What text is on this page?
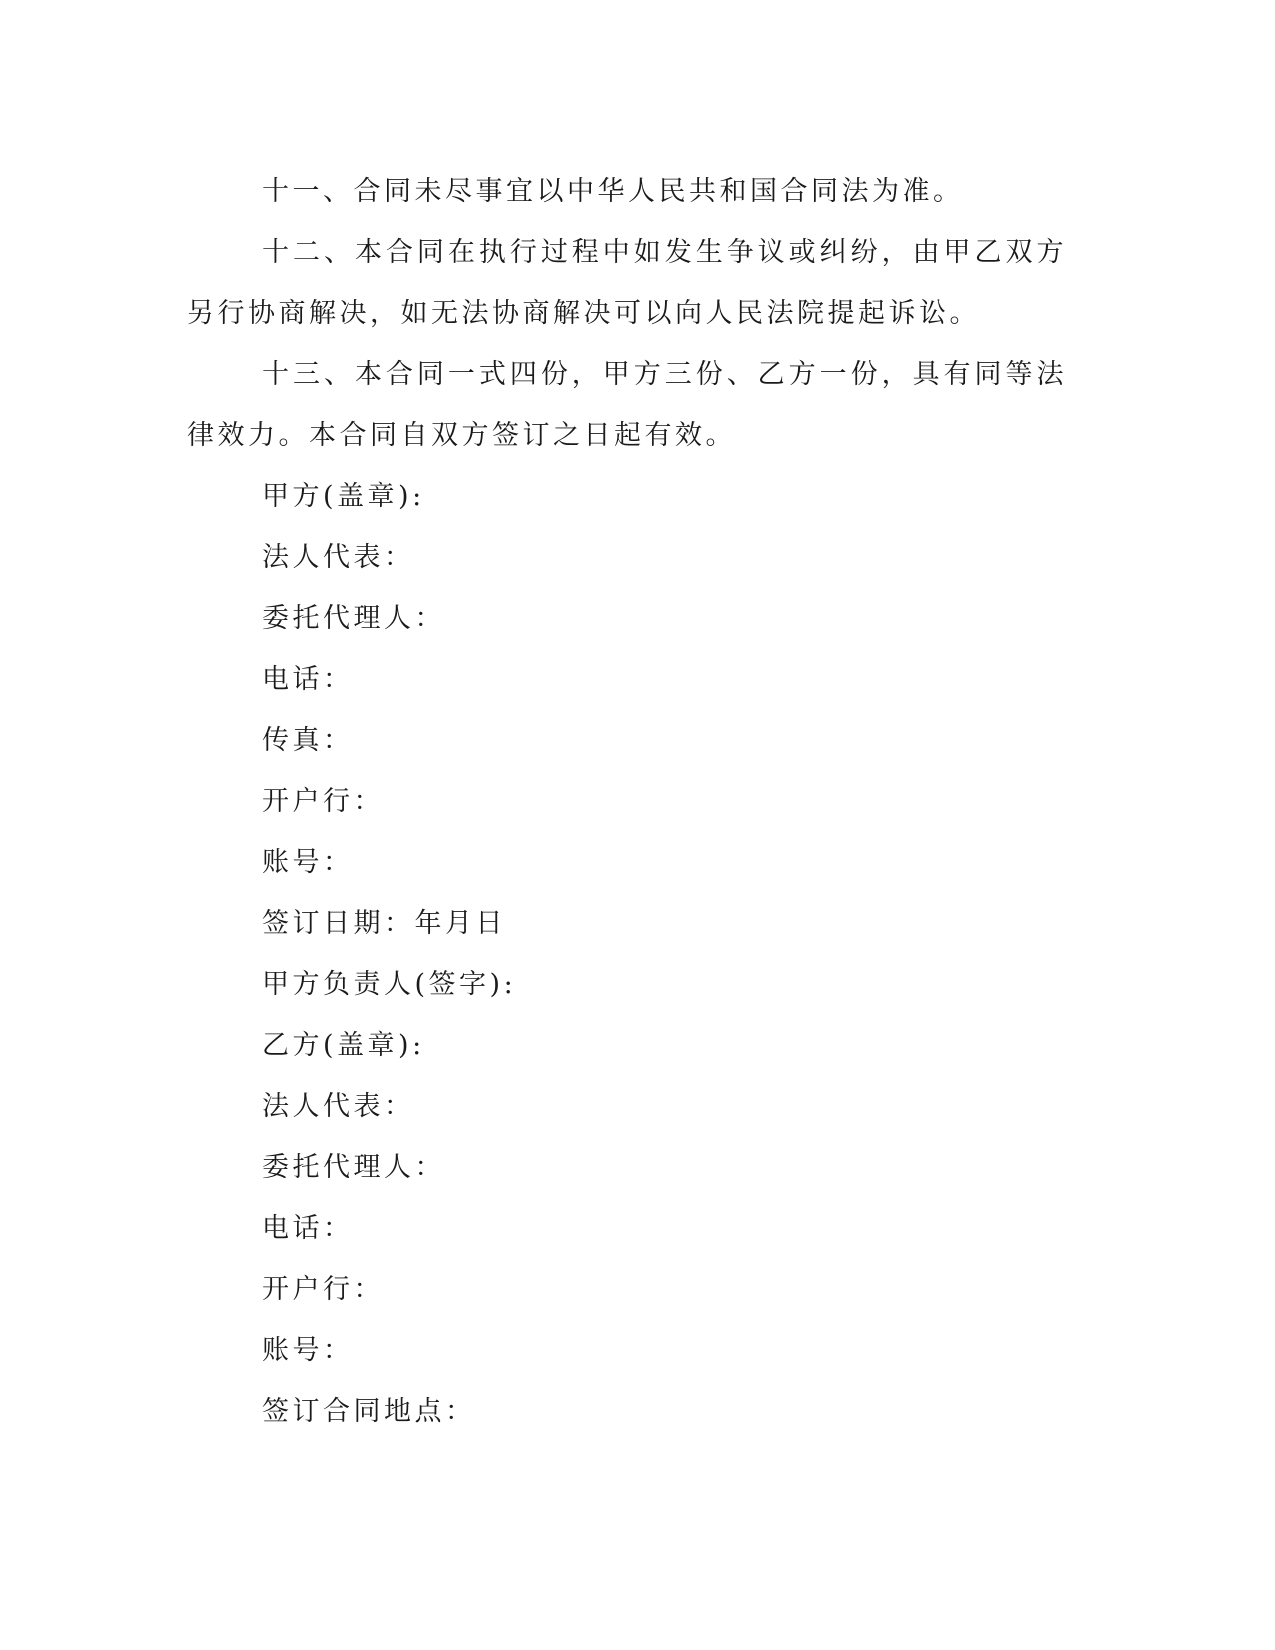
十一、合同未尽事宜以中华人民共和国合同法为准。

十二、本合同在执行过程中如发生争议或纠纷，由甲乙双方另行协商解决，如无法协商解决可以向人民法院提起诉讼。

十三、本合同一式四份，甲方三份、乙方一份，具有同等法律效力。本合同自双方签订之日起有效。

甲方(盖章):

法人代表：

委托代理人：

电话：

传真：

开户行：

账号：

签订日期：年月日

甲方负责人(签字):

乙方(盖章):

法人代表：

委托代理人：

电话：

开户行：

账号：

签订合同地点：
